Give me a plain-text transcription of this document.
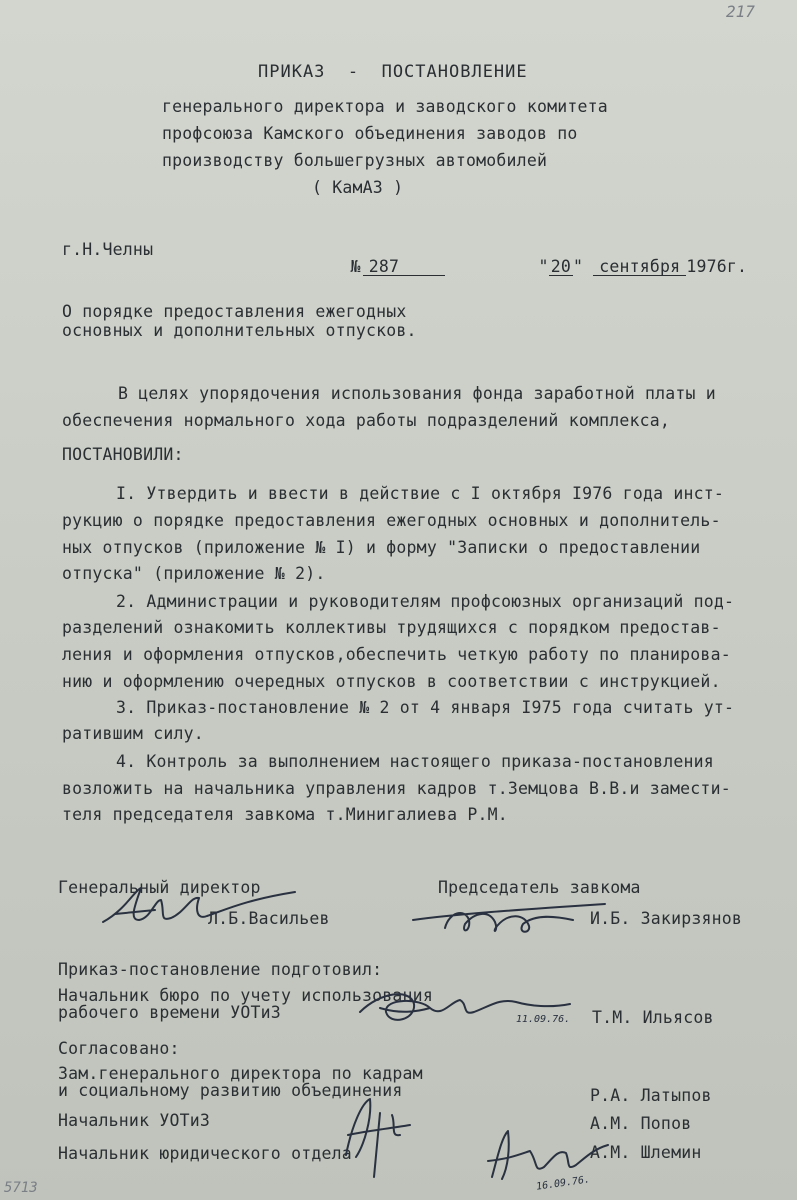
217
ПРИКАЗ  -  ПОСТАНОВЛЕНИЕ
генерального директора и заводского комитета
профсоюза Камского объединения заводов по
производству большегрузных автомобилей
( КамАЗ )
г.Н.Челны

№ 287
	" 20 " сентября 1976г.

О порядке предоставления ежегодных
основных и дополнительных отпусков.
В целях упорядочения использования фонда заработной платы и
обеспечения нормального хода работы подразделений комплекса,
ПОСТАНОВИЛИ:
I. Утвердить и ввести в действие с I октября I976 года инст-
рукцию о порядке предоставления ежегодных основных и дополнитель-
ных отпусков (приложение № I) и форму "Записки о предоставлении
отпуска" (приложение № 2).
2. Администрации и руководителям профсоюзных организаций под-
разделений ознакомить коллективы трудящихся с порядком предостав-
ления и оформления отпусков,обеспечить четкую работу по планирова-
нию и оформлению очередных отпусков в соответствии с инструкцией.
3. Приказ-постановление № 2 от 4 января I975 года считать ут-
ратившим силу.
4. Контроль за выполнением настоящего приказа-постановления
возложить на начальника управления кадров т.Земцова В.В.и замести-
теля председателя завкома т.Минигалиева Р.М.
Генеральный директор
Л.Б.Васильев
Председатель завкома
И.Б. Закирзянов
Приказ-постановление подготовил:
Начальник бюро по учету использования
рабочего времени УОТиЗ	Т.М. Ильясов
11.09.76.
Согласовано:
Зам.генерального директора по кадрам
и социальному развитию объединения	Р.А. Латыпов
Начальник УОТиЗ	А.М. Попов
Начальник юридического отдела	А.М. Шлемин
16.09.76.
5713
